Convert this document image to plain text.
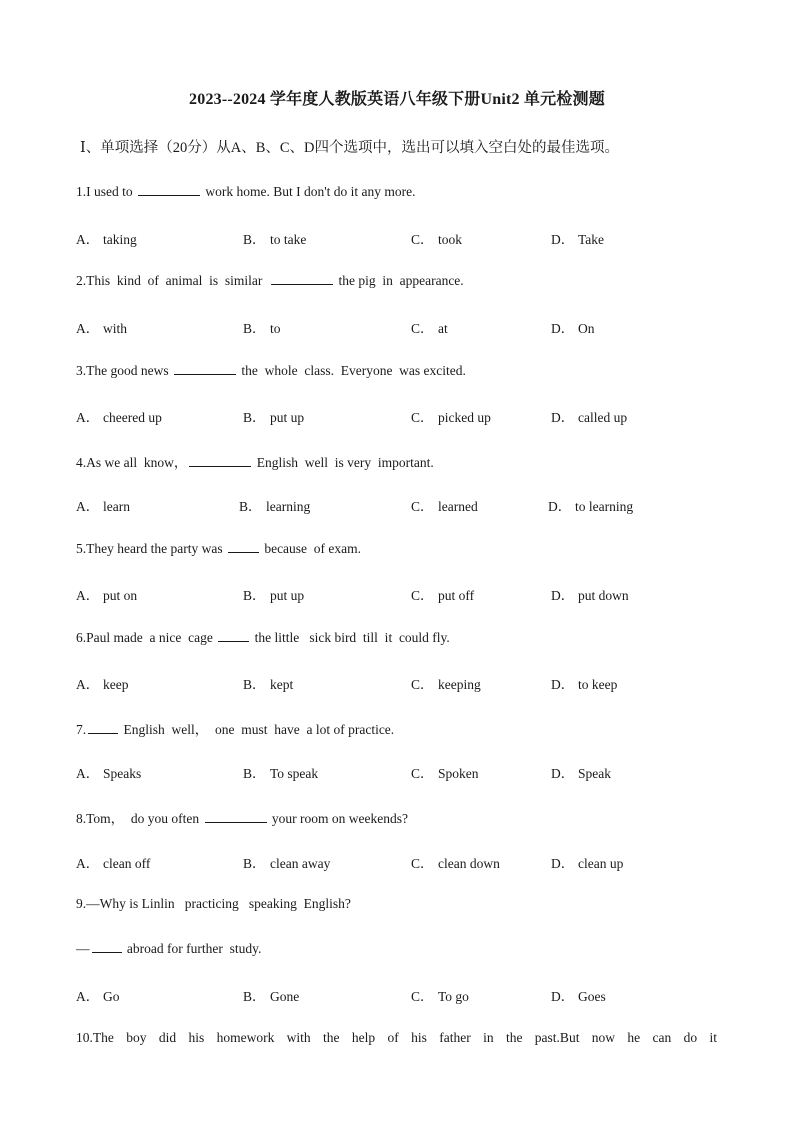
2023--2024 学年度人教版英语八年级下册Unit2 单元检测题
Ⅰ、单项选择（20分）从A、B、C、D四个选项中，选出可以填入空白处的最佳选项。
1.I used to	work home. But I don't do it any more.
A． taking	B． to take	C． took	D． Take
2.This  kind  of  animal  is  similar	the pig  in  appearance.
A． with	B． to	C． at	D． On
3.The good news	the  whole  class.  Everyone  was excited.
A． cheered up	B． put up	C． picked up	D． called up
4.As we all  know，	English  well  is very  important.
A． learn	B． learning	C． learned	D． to learning
5.They heard the party was	because  of exam.
A． put on	B． put up	C． put off	D． put down
6.Paul made  a nice  cage	the little   sick bird  till  it  could fly.
A． keep	B． kept	C． keeping	D． to keep
7.	English  well，  one  must  have  a lot of practice.
A． Speaks	B． To speak	C． Spoken	D． Speak
8.Tom，  do you often	your room on weekends?
A． clean off	B． clean away	C． clean down	D． clean up
9.—Why is Linlin   practicing   speaking  English?
—	abroad for further  study.
A． Go	B． Gone	C． To go	D． Goes
10.The boy did his homework with the help of his father in the past.But now he can do it
